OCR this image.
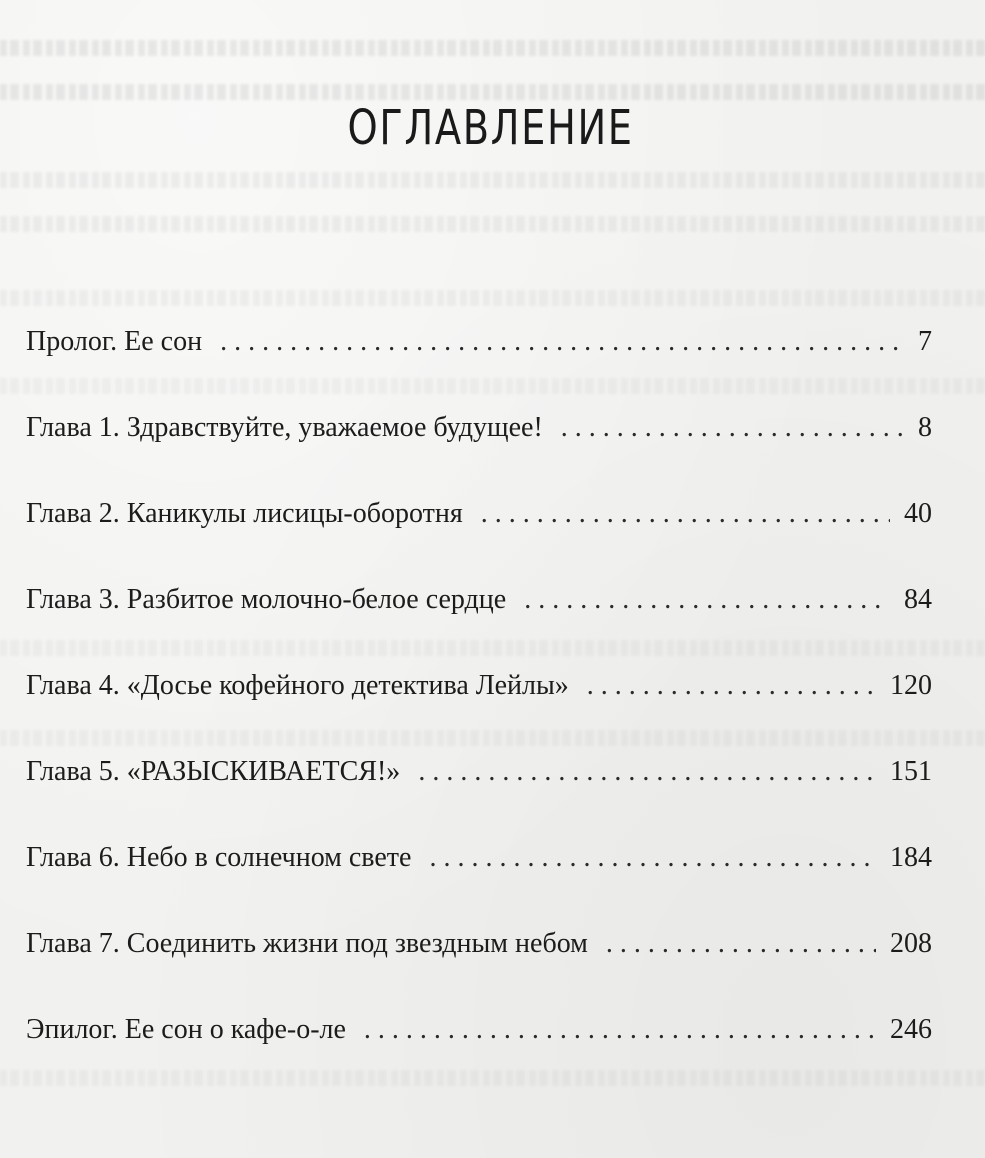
ОГЛАВЛЕНИЕ
Пролог. Ее сон . . .	7
Глава 1. Здравствуйте, уважаемое будущее! . . .	8
Глава 2. Каникулы лисицы-оборотня . . .	40
Глава 3. Разбитое молочно-белое сердце . . .	84
Глава 4. «Досье кофейного детектива Лейлы» . . .	120
Глава 5. «РАЗЫСКИВАЕТСЯ!» . . .	151
Глава 6. Небо в солнечном свете . . .	184
Глава 7. Соединить жизни под звездным небом . . .	208
Эпилог. Ее сон о кафе-о-ле . . .	246
